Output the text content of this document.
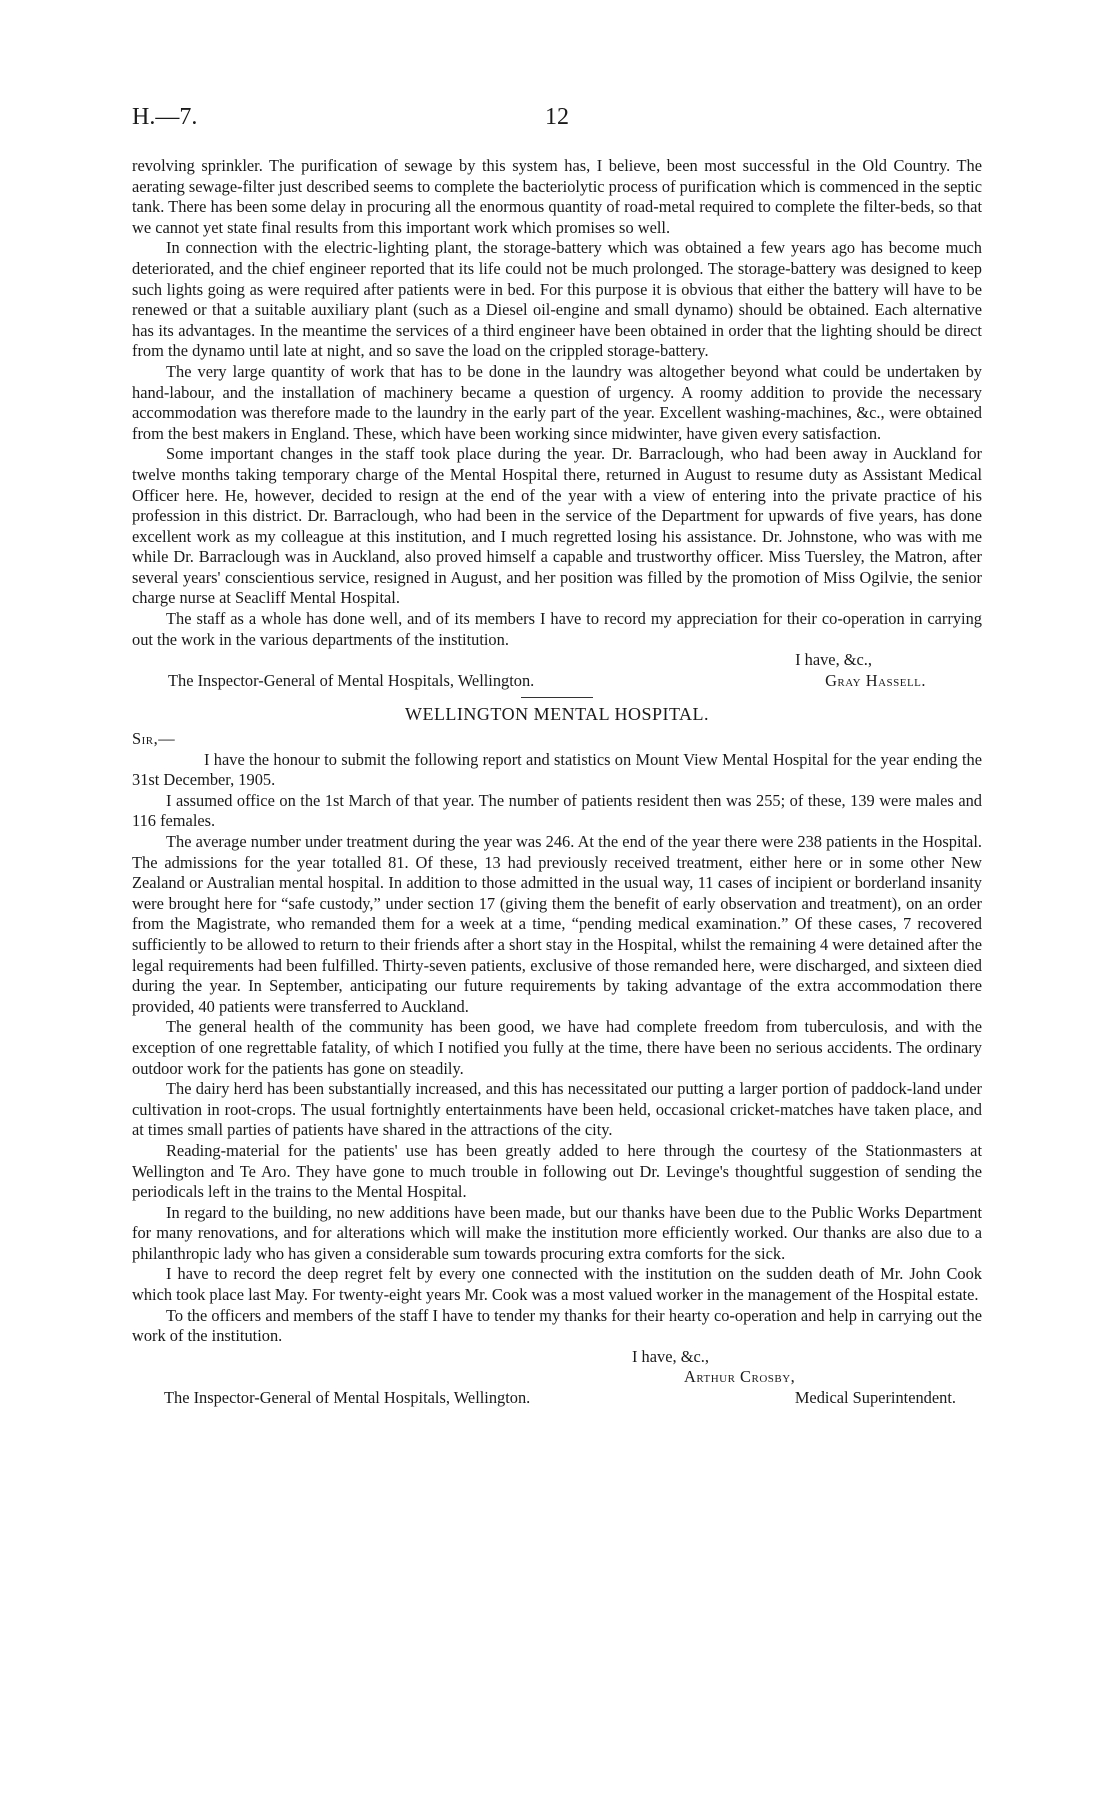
H.—7.	12

revolving sprinkler. The purification of sewage by this system has, I believe, been most successful in the Old Country. The aerating sewage-filter just described seems to complete the bacteriolytic process of purification which is commenced in the septic tank. There has been some delay in procuring all the enormous quantity of road-metal required to complete the filter-beds, so that we cannot yet state final results from this important work which promises so well.

In connection with the electric-lighting plant, the storage-battery which was obtained a few years ago has become much deteriorated, and the chief engineer reported that its life could not be much prolonged. The storage-battery was designed to keep such lights going as were required after patients were in bed. For this purpose it is obvious that either the battery will have to be renewed or that a suitable auxiliary plant (such as a Diesel oil-engine and small dynamo) should be obtained. Each alternative has its advantages. In the meantime the services of a third engineer have been obtained in order that the lighting should be direct from the dynamo until late at night, and so save the load on the crippled storage-battery.

The very large quantity of work that has to be done in the laundry was altogether beyond what could be undertaken by hand-labour, and the installation of machinery became a question of urgency. A roomy addition to provide the necessary accommodation was therefore made to the laundry in the early part of the year. Excellent washing-machines, &c., were obtained from the best makers in England. These, which have been working since midwinter, have given every satisfaction.

Some important changes in the staff took place during the year. Dr. Barraclough, who had been away in Auckland for twelve months taking temporary charge of the Mental Hospital there, returned in August to resume duty as Assistant Medical Officer here. He, however, decided to resign at the end of the year with a view of entering into the private practice of his profession in this district. Dr. Barraclough, who had been in the service of the Department for upwards of five years, has done excellent work as my colleague at this institution, and I much regretted losing his assistance. Dr. Johnstone, who was with me while Dr. Barraclough was in Auckland, also proved himself a capable and trustworthy officer. Miss Tuersley, the Matron, after several years' conscientious service, resigned in August, and her position was filled by the promotion of Miss Ogilvie, the senior charge nurse at Seacliff Mental Hospital.

The staff as a whole has done well, and of its members I have to record my appreciation for their co-operation in carrying out the work in the various departments of the institution.

I have, &c.,

The Inspector-General of Mental Hospitals, Wellington.	Gray Hassell.
WELLINGTON MENTAL HOSPITAL.

Sir,—

I have the honour to submit the following report and statistics on Mount View Mental Hospital for the year ending the 31st December, 1905.

I assumed office on the 1st March of that year. The number of patients resident then was 255; of these, 139 were males and 116 females.

The average number under treatment during the year was 246. At the end of the year there were 238 patients in the Hospital. The admissions for the year totalled 81. Of these, 13 had previously received treatment, either here or in some other New Zealand or Australian mental hospital. In addition to those admitted in the usual way, 11 cases of incipient or borderland insanity were brought here for “safe custody,” under section 17 (giving them the benefit of early observation and treatment), on an order from the Magistrate, who remanded them for a week at a time, “pending medical examination.” Of these cases, 7 recovered sufficiently to be allowed to return to their friends after a short stay in the Hospital, whilst the remaining 4 were detained after the legal requirements had been fulfilled. Thirty-seven patients, exclusive of those remanded here, were discharged, and sixteen died during the year. In September, anticipating our future requirements by taking advantage of the extra accommodation there provided, 40 patients were transferred to Auckland.

The general health of the community has been good, we have had complete freedom from tuberculosis, and with the exception of one regrettable fatality, of which I notified you fully at the time, there have been no serious accidents. The ordinary outdoor work for the patients has gone on steadily.

The dairy herd has been substantially increased, and this has necessitated our putting a larger portion of paddock-land under cultivation in root-crops. The usual fortnightly entertainments have been held, occasional cricket-matches have taken place, and at times small parties of patients have shared in the attractions of the city.

Reading-material for the patients' use has been greatly added to here through the courtesy of the Stationmasters at Wellington and Te Aro. They have gone to much trouble in following out Dr. Levinge's thoughtful suggestion of sending the periodicals left in the trains to the Mental Hospital.

In regard to the building, no new additions have been made, but our thanks have been due to the Public Works Department for many renovations, and for alterations which will make the institution more efficiently worked. Our thanks are also due to a philanthropic lady who has given a considerable sum towards procuring extra comforts for the sick.

I have to record the deep regret felt by every one connected with the institution on the sudden death of Mr. John Cook which took place last May. For twenty-eight years Mr. Cook was a most valued worker in the management of the Hospital estate.

To the officers and members of the staff I have to tender my thanks for their hearty co-operation and help in carrying out the work of the institution.

I have, &c.,

Arthur Crosby,

The Inspector-General of Mental Hospitals, Wellington.	Medical Superintendent.
